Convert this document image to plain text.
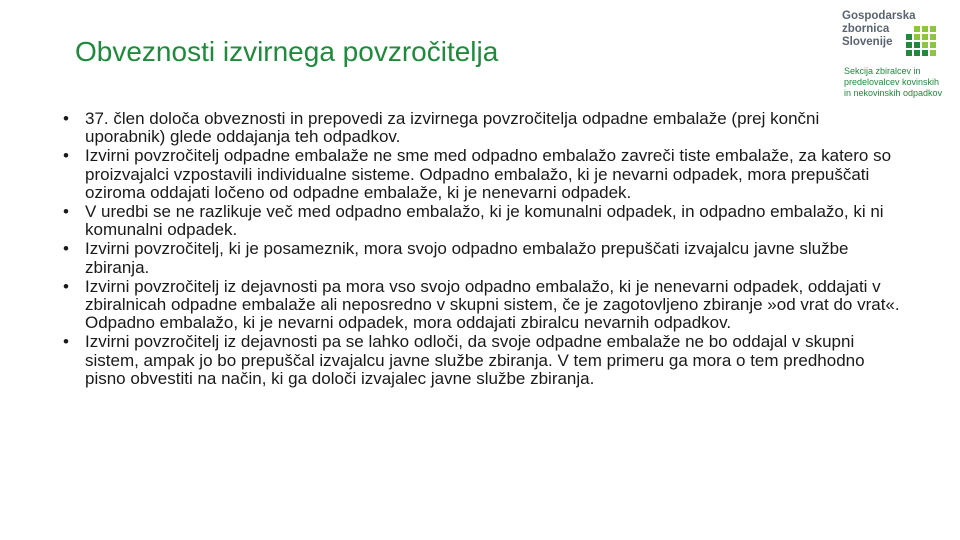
Obveznosti izvirnega povzročitelja
Gospodarska
zbornica
Slovenije
Sekcija zbiralcev in
predelovalcev kovinskih
in nekovinskih odpadkov
• 37. člen določa obveznosti in prepovedi za izvirnega povzročitelja odpadne embalaže (prej končni uporabnik) glede oddajanja teh odpadkov.
• Izvirni povzročitelj odpadne embalaže ne sme med odpadno embalažo zavreči tiste embalaže, za katero so proizvajalci vzpostavili individualne sisteme. Odpadno embalažo, ki je nevarni odpadek, mora prepuščati oziroma oddajati ločeno od odpadne embalaže, ki je nenevarni odpadek.
• V uredbi se ne razlikuje več med odpadno embalažo, ki je komunalni odpadek, in odpadno embalažo, ki ni komunalni odpadek.
• Izvirni povzročitelj, ki je posameznik, mora svojo odpadno embalažo prepuščati izvajalcu javne službe zbiranja.
• Izvirni povzročitelj iz dejavnosti pa mora vso svojo odpadno embalažo, ki je nenevarni odpadek, oddajati v zbiralnicah odpadne embalaže ali neposredno v skupni sistem, če je zagotovljeno zbiranje »od vrat do vrat«. Odpadno embalažo, ki je nevarni odpadek, mora oddajati zbiralcu nevarnih odpadkov.
• Izvirni povzročitelj iz dejavnosti pa se lahko odloči, da svoje odpadne embalaže ne bo oddajal v skupni sistem, ampak jo bo prepuščal izvajalcu javne službe zbiranja. V tem primeru ga mora o tem predhodno pisno obvestiti na način, ki ga določi izvajalec javne službe zbiranja.
